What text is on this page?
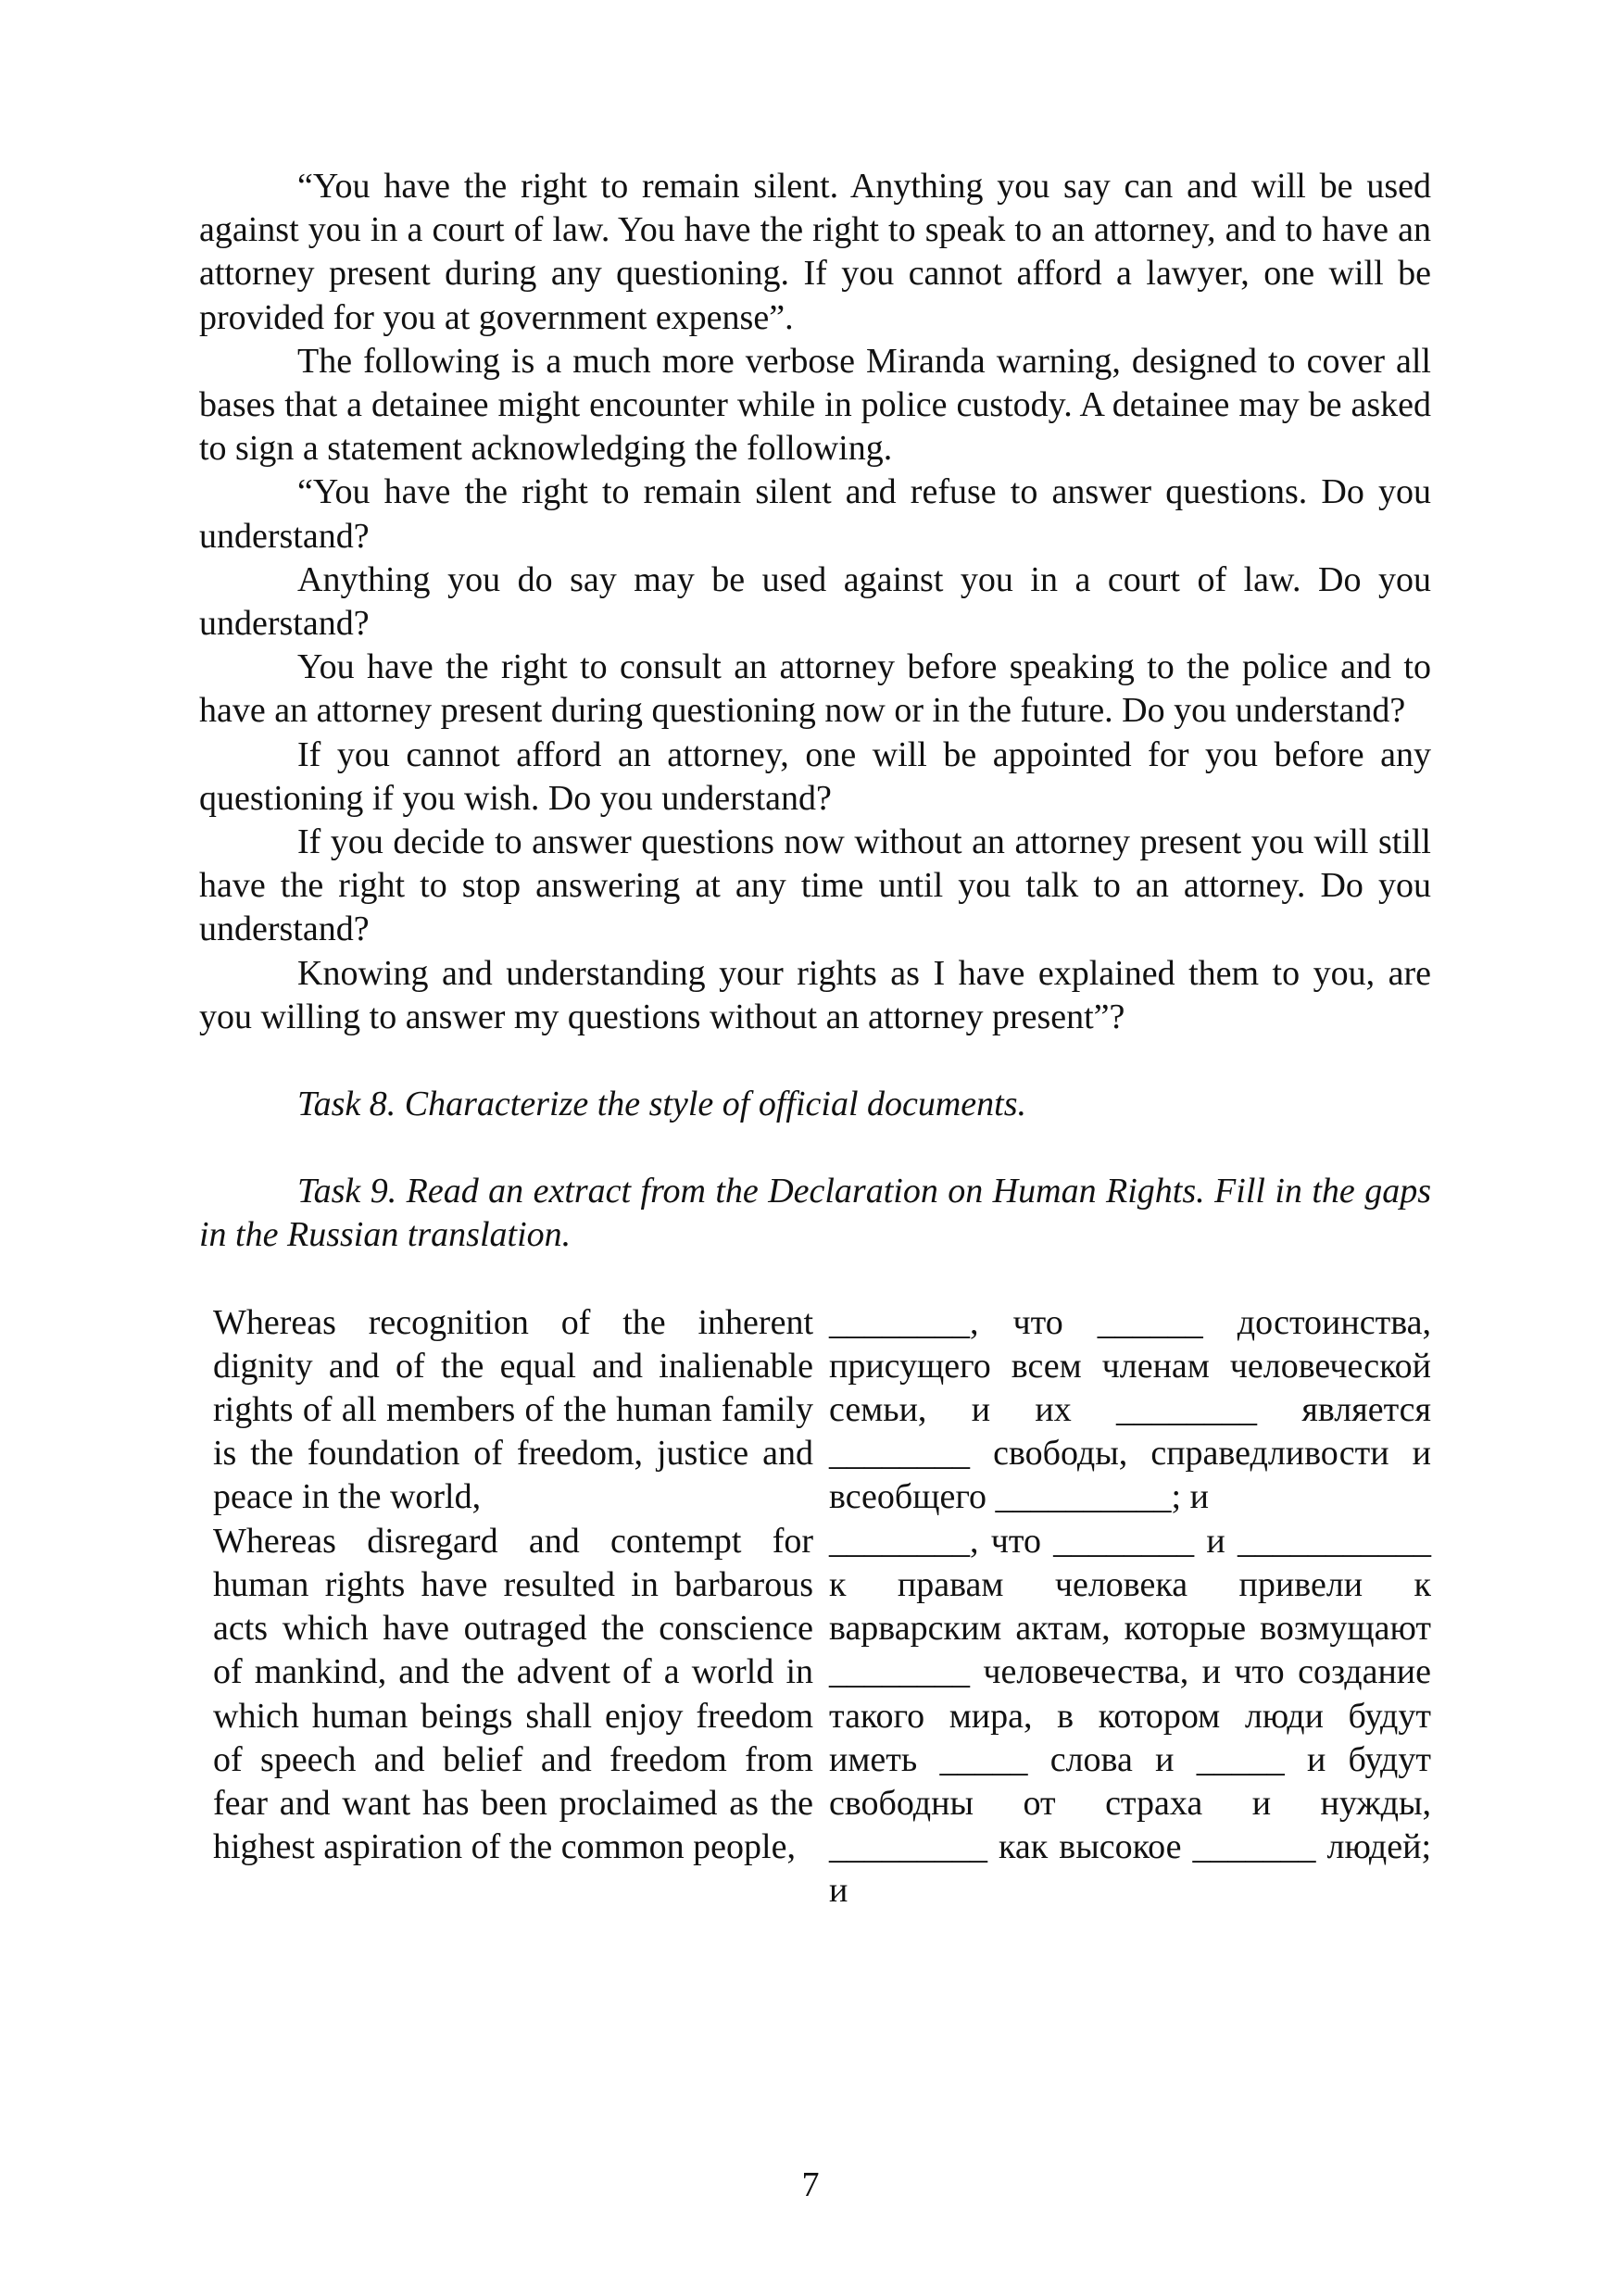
“You have the right to remain silent. Anything you say can and will be used against you in a court of law. You have the right to speak to an attorney, and to have an attorney present during any questioning. If you cannot afford a lawyer, one will be provided for you at government expense”.

The following is a much more verbose Miranda warning, designed to cover all bases that a detainee might encounter while in police custody. A detainee may be asked to sign a statement acknowledging the following.

“You have the right to remain silent and refuse to answer questions. Do you understand?

Anything you do say may be used against you in a court of law. Do you understand?

You have the right to consult an attorney before speaking to the police and to have an attorney present during questioning now or in the future. Do you understand?

If you cannot afford an attorney, one will be appointed for you before any questioning if you wish. Do you understand?

If you decide to answer questions now without an attorney present you will still have the right to stop answering at any time until you talk to an attorney. Do you understand?

Knowing and understanding your rights as I have explained them to you, are you willing to answer my questions without an attorney present”?

Task 8. Characterize the style of official documents.

Task 9. Read an extract from the Declaration on Human Rights. Fill in the gaps in the Russian translation.

Whereas recognition of the inherent dignity and of the equal and inalienable rights of all members of the human family is the foundation of freedom, justice and peace in the world,

Whereas disregard and contempt for human rights have resulted in barbarous acts which have outraged the conscience of mankind, and the advent of a world in which human beings shall enjoy freedom of speech and belief and freedom from fear and want has been proclaimed as the highest aspiration of the common people,

________, что ______ достоинства, присущего всем членам человеческой семьи, и их ________ является ________ свободы, справедливости и всеобщего __________; и

________, что ________ и ___________ к правам человека привели к варварским актам, которые возмущают ________ человечества, и что создание такого мира, в котором люди будут иметь _____ слова и _____ и будут свободны от страха и нужды, _________ как высокое _______ людей; и

7
